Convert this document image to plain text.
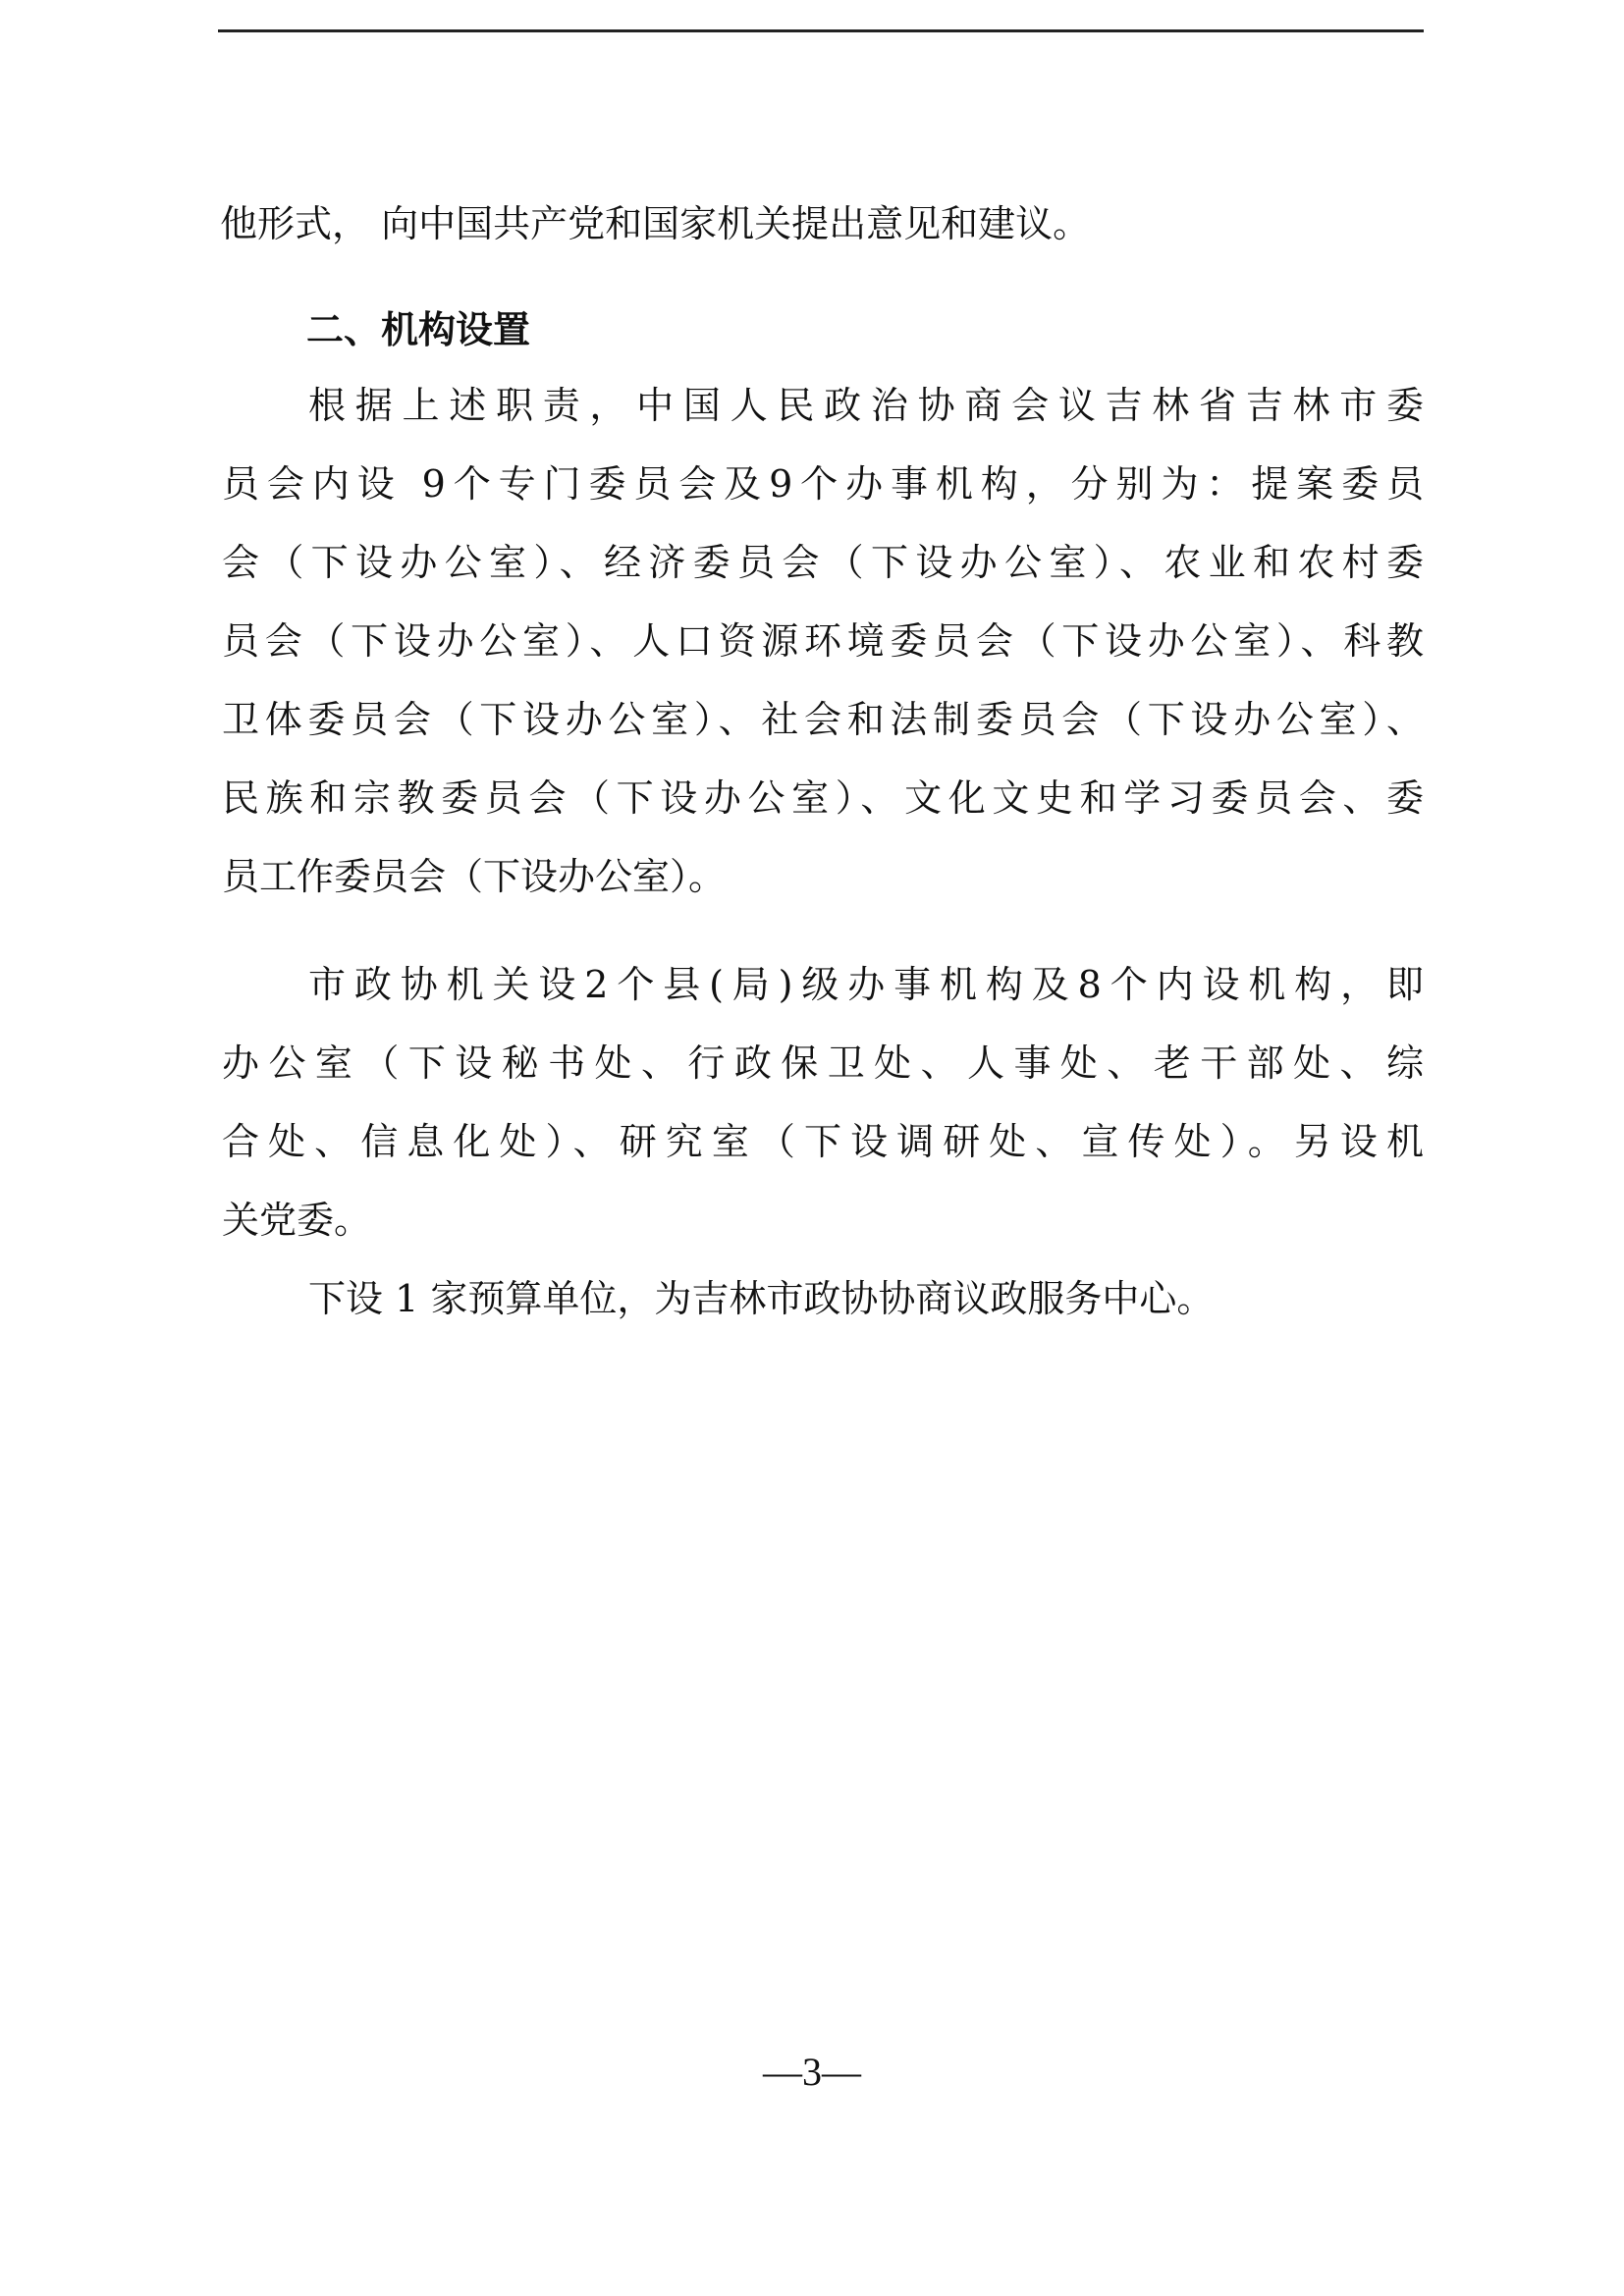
他形式， 向中国共产党和国家机关提出意见和建议。

二、机构设置

根据上述职责，中国人民政治协商会议吉林省吉林市委

员会内设 9个专门委员会及9个办事机构，分别为：提案委员

会（下设办公室）、经济委员会（下设办公室）、农业和农村委

员会（下设办公室）、人口资源环境委员会（下设办公室）、科教

卫体委员会（下设办公室）、社会和法制委员会（下设办公室）、

民族和宗教委员会（下设办公室）、文化文史和学习委员会、委

员工作委员会（下设办公室）。

市政协机关设2个县(局)级办事机构及8个内设机构，即

办公室（下设秘书处、行政保卫处、人事处、老干部处、综

合处、信息化处）、研究室（下设调研处、宣传处）。另设机

关党委。

下设 1 家预算单位，为吉林市政协协商议政服务中心。

—3—
